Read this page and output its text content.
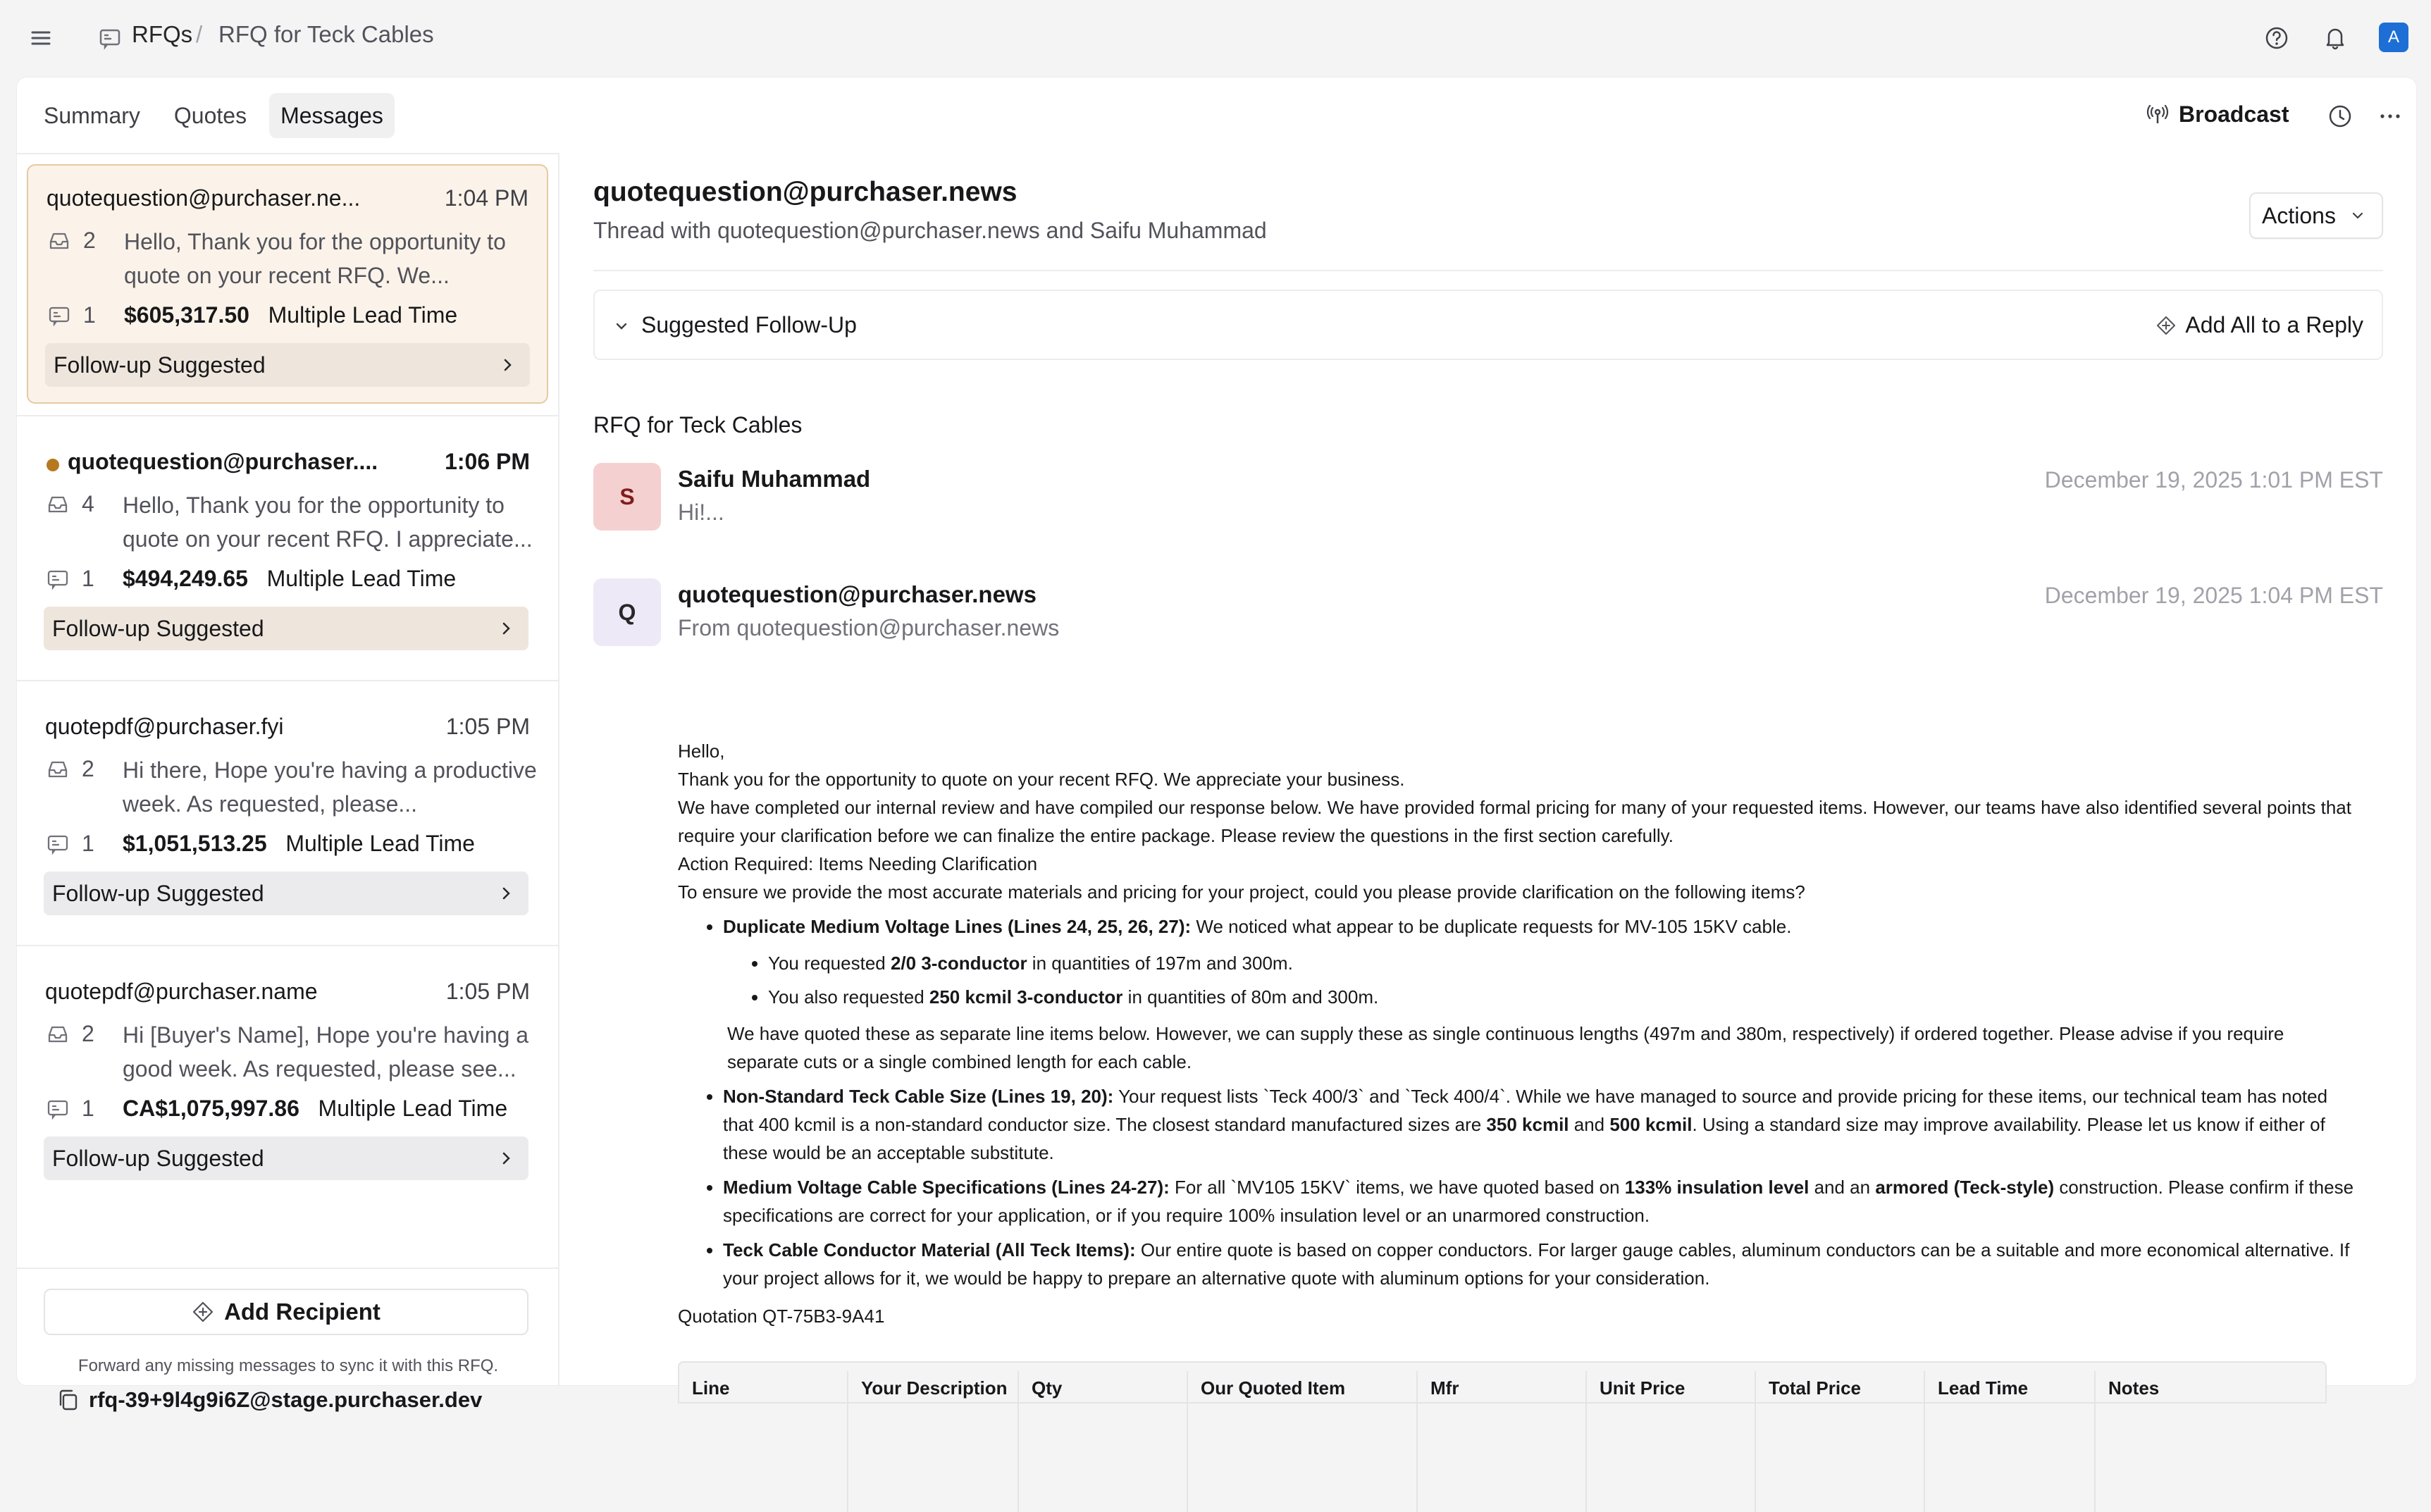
RFQs / RFQ for Teck Cables	A
Summary	Quotes	Messages	Broadcast
quotequestion@purchaser.ne...	1:04 PM
2 Hello, Thank you for the opportunity to quote on your recent RFQ. We...
1 $605,317.50 Multiple Lead Time
Follow-up Suggested
quotequestion@purchaser....	1:06 PM
4 Hello, Thank you for the opportunity to quote on your recent RFQ. I appreciate...
1 $494,249.65 Multiple Lead Time
Follow-up Suggested
quotepdf@purchaser.fyi	1:05 PM
2 Hi there, Hope you're having a productive week. As requested, please...
1 $1,051,513.25 Multiple Lead Time
Follow-up Suggested
quotepdf@purchaser.name	1:05 PM
2 Hi [Buyer's Name], Hope you're having a good week. As requested, please see...
1 CA$1,075,997.86 Multiple Lead Time
Follow-up Suggested
Add Recipient
Forward any missing messages to sync it with this RFQ.
rfq-39+9l4g9i6Z@stage.purchaser.dev
quotequestion@purchaser.news
Thread with quotequestion@purchaser.news and Saifu Muhammad
Actions
Suggested Follow-Up	Add All to a Reply
RFQ for Teck Cables
S
Saifu Muhammad
Hi!...
December 19, 2025 1:01 PM EST
Q
quotequestion@purchaser.news
From quotequestion@purchaser.news
December 19, 2025 1:04 PM EST

Hello,

Thank you for the opportunity to quote on your recent RFQ. We appreciate your business.

We have completed our internal review and have compiled our response below. We have provided formal pricing for many of your requested items. However, our teams have also identified several points that require your clarification before we can finalize the entire package. Please review the questions in the first section carefully.

Action Required: Items Needing Clarification

To ensure we provide the most accurate materials and pricing for your project, could you please provide clarification on the following items?

• Duplicate Medium Voltage Lines (Lines 24, 25, 26, 27): We noticed what appear to be duplicate requests for MV-105 15KV cable.
• You requested 2/0 3-conductor in quantities of 197m and 300m.
• You also requested 250 kcmil 3-conductor in quantities of 80m and 300m.
We have quoted these as separate line items below. However, we can supply these as single continuous lengths (497m and 380m, respectively) if ordered together. Please advise if you require separate cuts or a single combined length for each cable.
• Non-Standard Teck Cable Size (Lines 19, 20): Your request lists `Teck 400/3` and `Teck 400/4`. While we have managed to source and provide pricing for these items, our technical team has noted that 400 kcmil is a non-standard conductor size. The closest standard manufactured sizes are 350 kcmil and 500 kcmil. Using a standard size may improve availability. Please let us know if either of these would be an acceptable substitute.
• Medium Voltage Cable Specifications (Lines 24-27): For all `MV105 15KV` items, we have quoted based on 133% insulation level and an armored (Teck-style) construction. Please confirm if these specifications are correct for your application, or if you require 100% insulation level or an unarmored construction.
• Teck Cable Conductor Material (All Teck Items): Our entire quote is based on copper conductors. For larger gauge cables, aluminum conductors can be a suitable and more economical alternative. If your project allows for it, we would be happy to prepare an alternative quote with aluminum options for your consideration.
Quotation QT-75B3-9A41
Line	Your Description	Qty	Our Quoted Item	Mfr	Unit Price	Total Price	Lead Time	Notes
